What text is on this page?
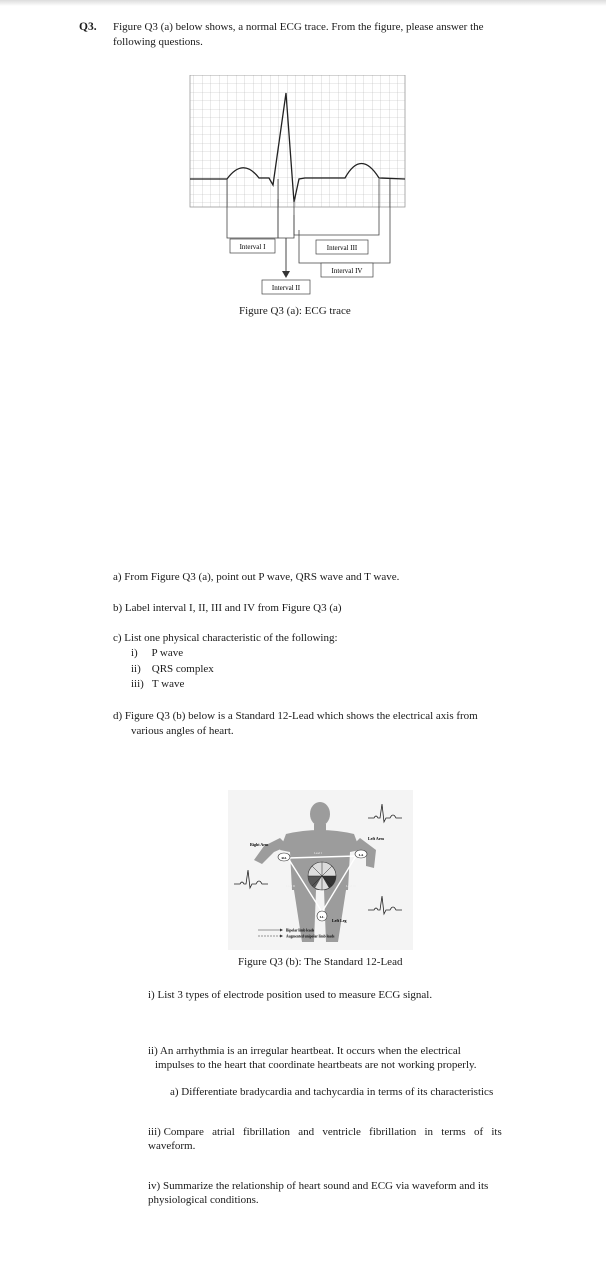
Q3. Figure Q3 (a) below shows, a normal ECG trace. From the figure, please answer the
following questions.
Interval I	Interval III
Interval IV
Interval II
Figure Q3 (a): ECG trace
a) From Figure Q3 (a), point out P wave, QRS wave and T wave.
b) Label interval I, II, III and IV from Figure Q3 (a)
c) List one physical characteristic of the following:
i)     P wave
ii)    QRS complex
iii)   T wave
d) Figure Q3 (b) below is a Standard 12-Lead which shows the electrical axis from
various angles of heart.
RA
LA
LL
Right Arm
Left Arm
Left Leg
Lead I
Lead II	Lead III
Bipolar limb leads
Augmented unipolar limb leads
Figure Q3 (b): The Standard 12-Lead
i) List 3 types of electrode position used to measure ECG signal.
ii) An arrhythmia is an irregular heartbeat. It occurs when the electrical
impulses to the heart that coordinate heartbeats are not working properly.
a) Differentiate bradycardia and tachycardia in terms of its characteristics
iii) Compare   atrial   fibrillation   and   ventricle   fibrillation   in   terms   of   its
waveform.
iv) Summarize the relationship of heart sound and ECG via waveform and its
physiological conditions.
